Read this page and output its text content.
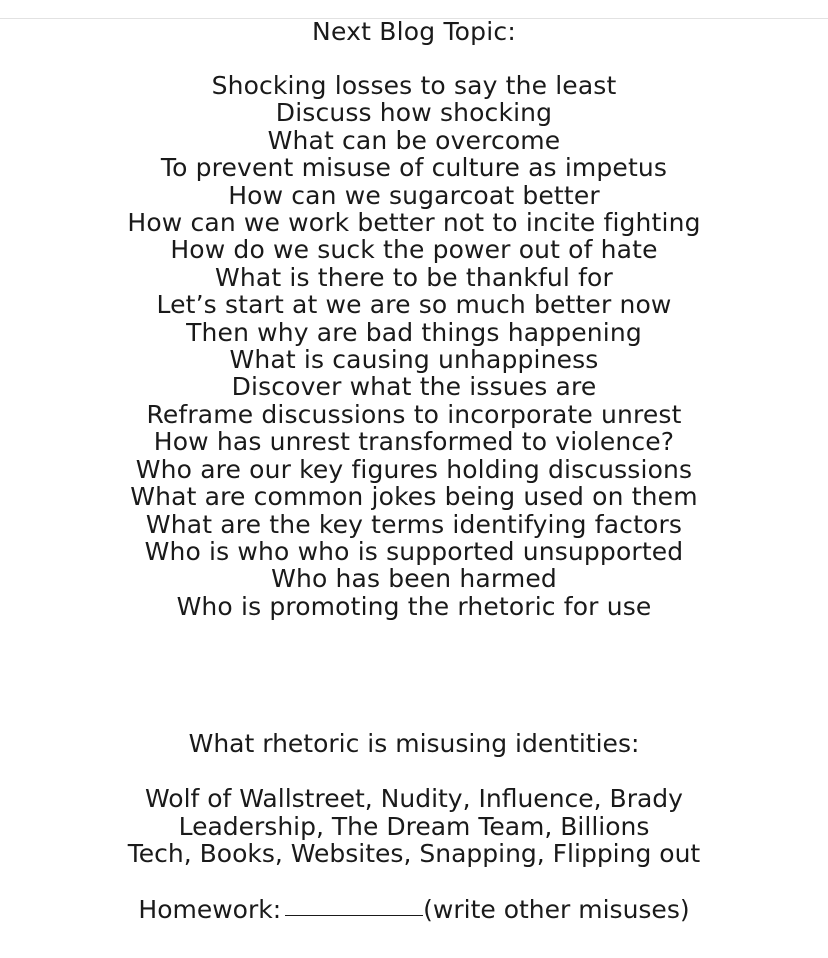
Next Blog Topic:
Shocking losses to say the least
Discuss how shocking
What can be overcome
To prevent misuse of culture as impetus
How can we sugarcoat better
How can we work better not to incite fighting
How do we suck the power out of hate
What is there to be thankful for
Let’s start at we are so much better now
Then why are bad things happening
What is causing unhappiness
Discover what the issues are
Reframe discussions to incorporate unrest
How has unrest transformed to violence?
Who are our key figures holding discussions
What are common jokes being used on them
What are the key terms identifying factors
Who is who who is supported unsupported
Who has been harmed
Who is promoting the rhetoric for use
What rhetoric is misusing identities:
Wolf of Wallstreet, Nudity, Influence, Brady
Leadership, The Dream Team, Billions
Tech, Books, Websites, Snapping, Flipping out
Homework:	(write other misuses)
